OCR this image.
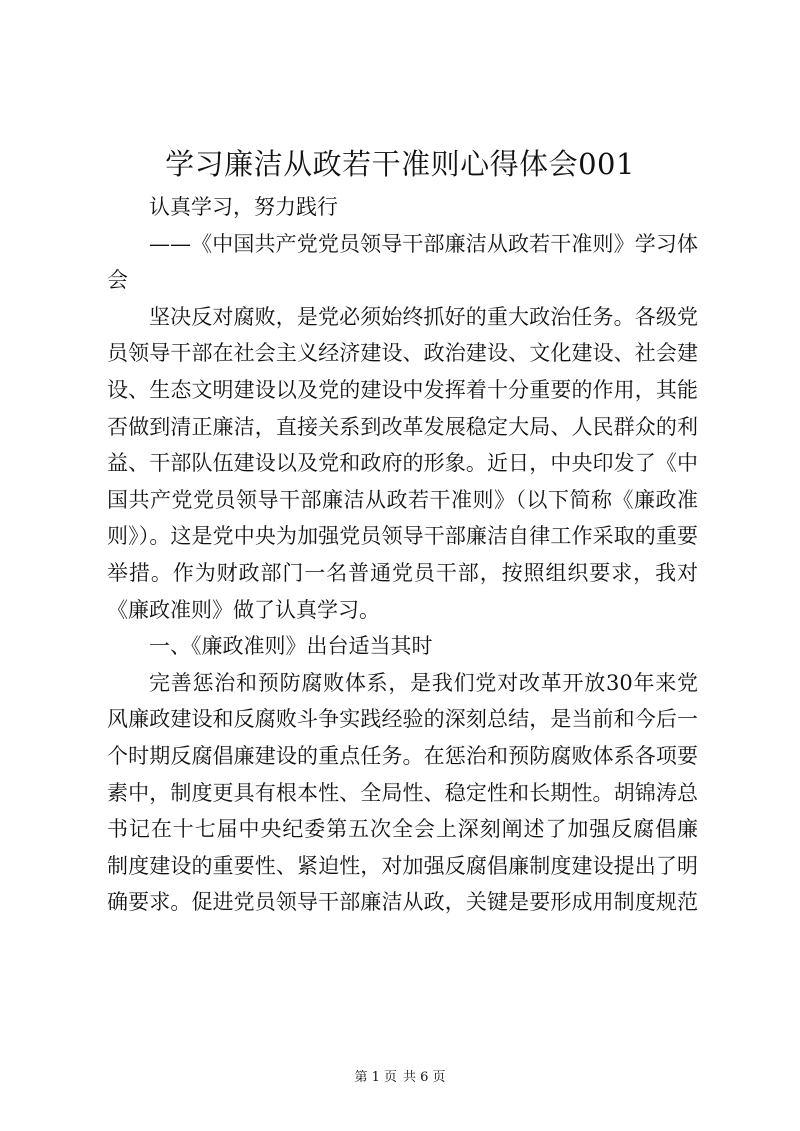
学习廉洁从政若干准则心得体会001
认真学习，努力践行
——《中国共产党党员领导干部廉洁从政若干准则》学习体
会
坚决反对腐败，是党必须始终抓好的重大政治任务。各级党
员领导干部在社会主义经济建设、政治建设、文化建设、社会建
设、生态文明建设以及党的建设中发挥着十分重要的作用，其能
否做到清正廉洁，直接关系到改革发展稳定大局、人民群众的利
益、干部队伍建设以及党和政府的形象。近日，中央印发了《中
国共产党党员领导干部廉洁从政若干准则》（以下简称《廉政准
则》）。这是党中央为加强党员领导干部廉洁自律工作采取的重要
举措。作为财政部门一名普通党员干部，按照组织要求，我对
《廉政准则》做了认真学习。
一、《廉政准则》出台适当其时
完善惩治和预防腐败体系，是我们党对改革开放30年来党
风廉政建设和反腐败斗争实践经验的深刻总结，是当前和今后一
个时期反腐倡廉建设的重点任务。在惩治和预防腐败体系各项要
素中，制度更具有根本性、全局性、稳定性和长期性。胡锦涛总
书记在十七届中央纪委第五次全会上深刻阐述了加强反腐倡廉
制度建设的重要性、紧迫性，对加强反腐倡廉制度建设提出了明
确要求。促进党员领导干部廉洁从政，关键是要形成用制度规范
第 1 页 共 6 页
